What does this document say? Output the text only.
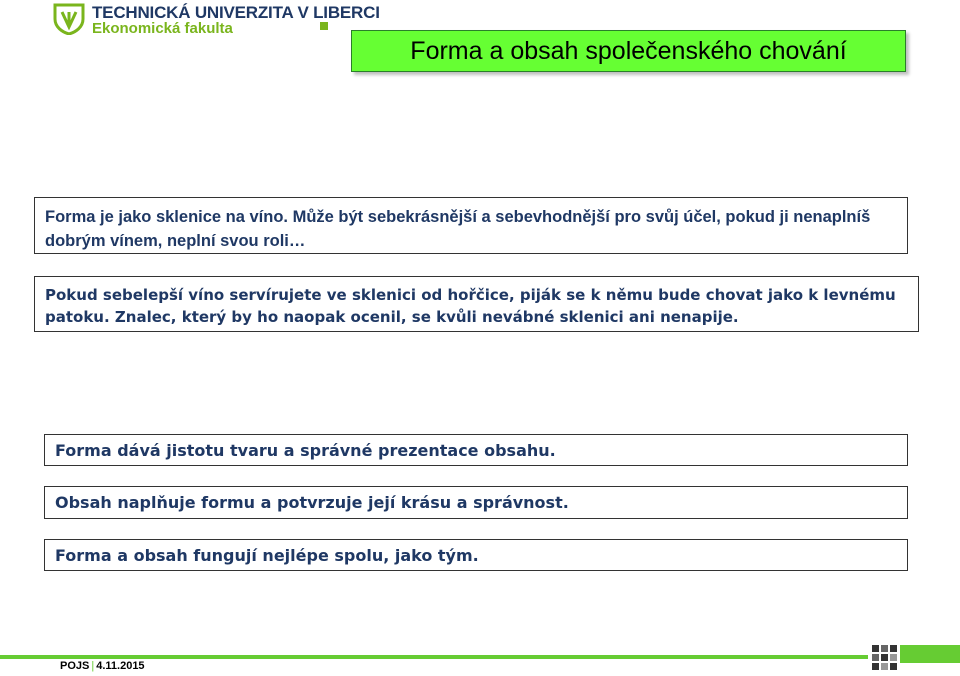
TECHNICKÁ UNIVERZITA V LIBERCI
Ekonomická fakulta
Forma a obsah společenského chování
Forma je jako sklenice na víno. Může být sebekrásnější a sebevhodnější pro svůj účel, pokud ji nenaplníš dobrým vínem, neplní svou roli…
Pokud sebelepší víno servírujete ve sklenici od hořčice, piják se k němu bude chovat jako k levnému patoku. Znalec, který by ho naopak ocenil, se kvůli nevábné sklenici ani nenapije.
Forma dává jistotu tvaru a správné prezentace obsahu.
Obsah naplňuje formu a potvrzuje její krásu a správnost.
Forma a obsah fungují nejlépe spolu, jako tým.
POJS | 4.11.2015
